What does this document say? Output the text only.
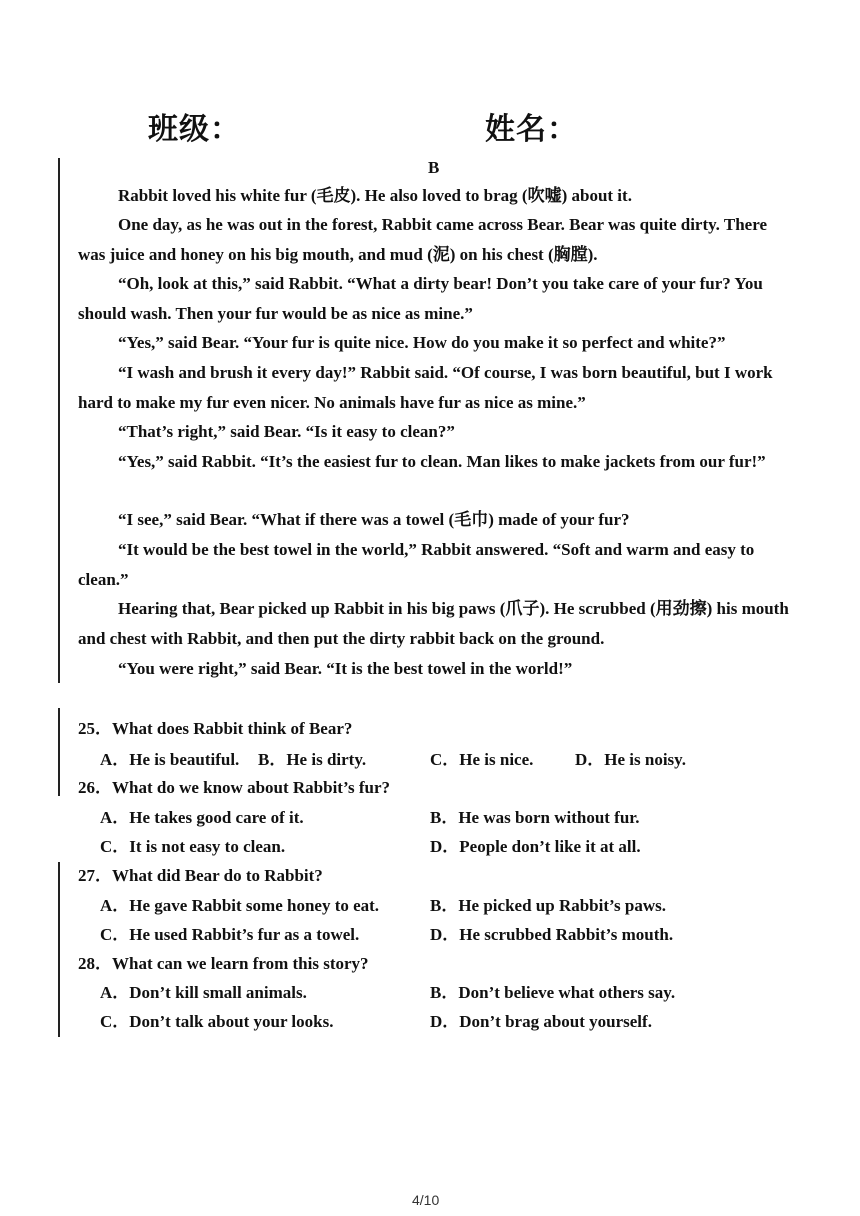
班级：	姓名：
B
Rabbit loved his white fur (毛皮). He also loved to brag (吹嘘) about it.
One day, as he was out in the forest, Rabbit came across Bear. Bear was quite dirty. There was juice and honey on his big mouth, and mud (泥) on his chest (胸膛).
“Oh, look at this,” said Rabbit. “What a dirty bear! Don’t you take care of your fur? You should wash. Then your fur would be as nice as mine.”
“Yes,” said Bear. “Your fur is quite nice. How do you make it so perfect and white?”
“I wash and brush it every day!” Rabbit said. “Of course, I was born beautiful, but I work hard to make my fur even nicer. No animals have fur as nice as mine.”
“That’s right,” said Bear. “Is it easy to clean?”
“Yes,” said Rabbit. “It’s the easiest fur to clean. Man likes to make jackets from our fur!”
“I see,” said Bear. “What if there was a towel (毛巾) made of your fur?
“It would be the best towel in the world,” Rabbit answered. “Soft and warm and easy to clean.”
Hearing that, Bear picked up Rabbit in his big paws (爪子). He scrubbed (用劲擦) his mouth and chest with Rabbit, and then put the dirty rabbit back on the ground.
“You were right,” said Bear. “It is the best towel in the world!”
25．What does Rabbit think of Bear?
A．He is beautiful. B．He is dirty.	C．He is nice. D．He is noisy.
26．What do we know about Rabbit’s fur?
A．He takes good care of it.	B．He was born without fur.
C．It is not easy to clean.	D．People don’t like it at all.
27．What did Bear do to Rabbit?
A．He gave Rabbit some honey to eat.	B．He picked up Rabbit’s paws.
C．He used Rabbit’s fur as a towel.	D．He scrubbed Rabbit’s mouth.
28．What can we learn from this story?
A．Don’t kill small animals.	B．Don’t believe what others say.
C．Don’t talk about your looks.	D．Don’t brag about yourself.
4/10
